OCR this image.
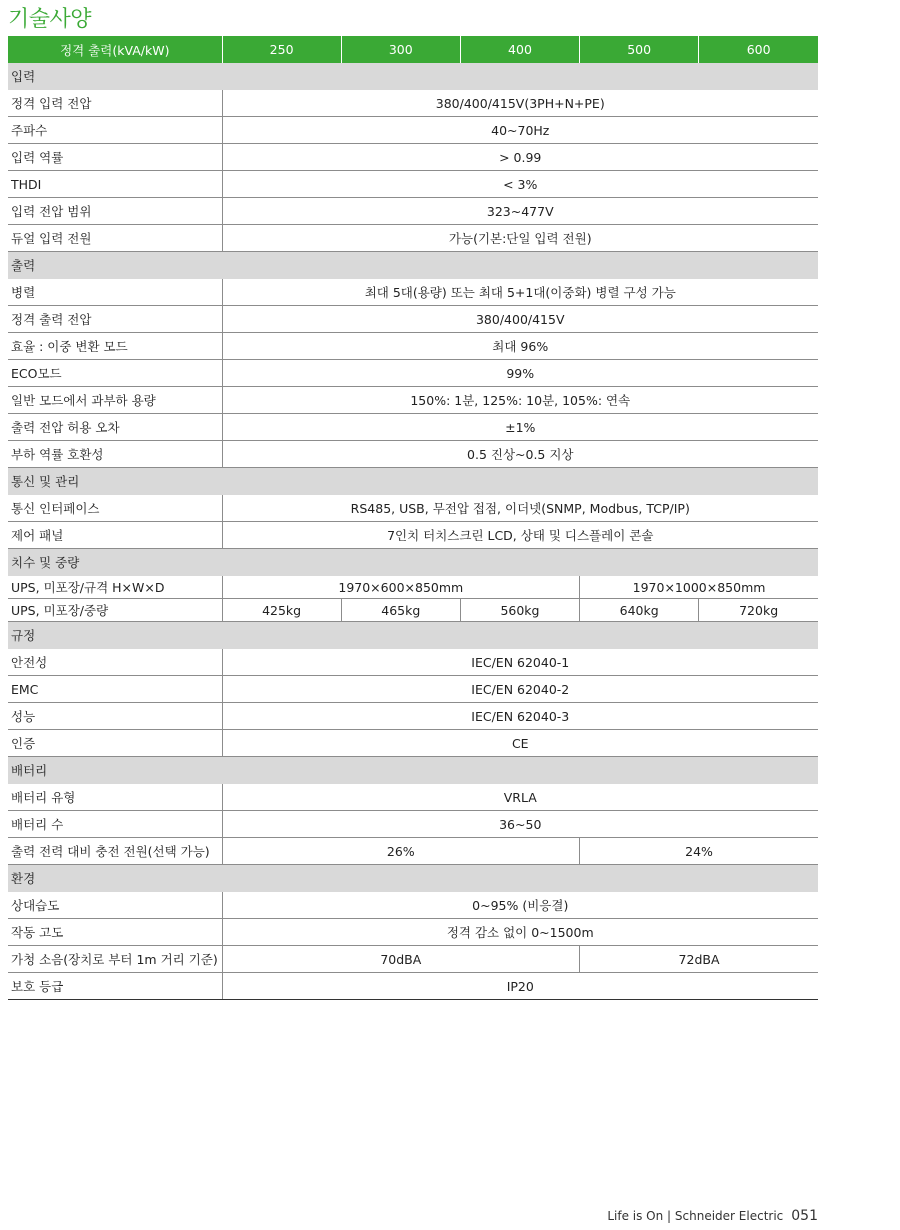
기술사양
정격 출력(kVA/kW)	250	300	400	500	600
입력					
정격 입력 전압	380/400/415V(3PH+N+PE)				
주파수	40~70Hz				
입력 역률	> 0.99				
THDI	< 3%				
입력 전압 범위	323~477V				
듀얼 입력 전원	가능(기본:단일 입력 전원)				
출력					
병렬	최대 5대(용량) 또는 최대 5+1대(이중화) 병렬 구성 가능				
정격 출력 전압	380/400/415V				
효율 : 이중 변환 모드	최대 96%				
ECO모드	99%				
일반 모드에서 과부하 용량	150%: 1분, 125%: 10분, 105%: 연속				
출력 전압 허용 오차	±1%				
부하 역률 호환성	0.5 진상~0.5 지상				
통신 및 관리					
통신 인터페이스	RS485, USB, 무전압 접점, 이더넷(SNMP, Modbus, TCP/IP)				
제어 패널	7인치 터치스크린 LCD, 상태 및 디스플레이 콘솔				
치수 및 중량					
UPS, 미포장/규격 H×W×D	1970×600×850mm			1970×1000×850mm	
UPS, 미포장/중량	425kg	465kg	560kg	640kg	720kg
규정					
안전성	IEC/EN 62040-1				
EMC	IEC/EN 62040-2				
성능	IEC/EN 62040-3				
인증	CE				
배터리					
배터리 유형	VRLA				
배터리 수	36~50				
출력 전력 대비 충전 전원(선택 가능)	26%			24%	
환경					
상대습도	0~95% (비응결)				
작동 고도	정격 감소 없이 0~1500m				
가청 소음(장치로 부터 1m 거리 기준)	70dBA			72dBA	
보호 등급	IP20				
Life is On | Schneider Electric 051
